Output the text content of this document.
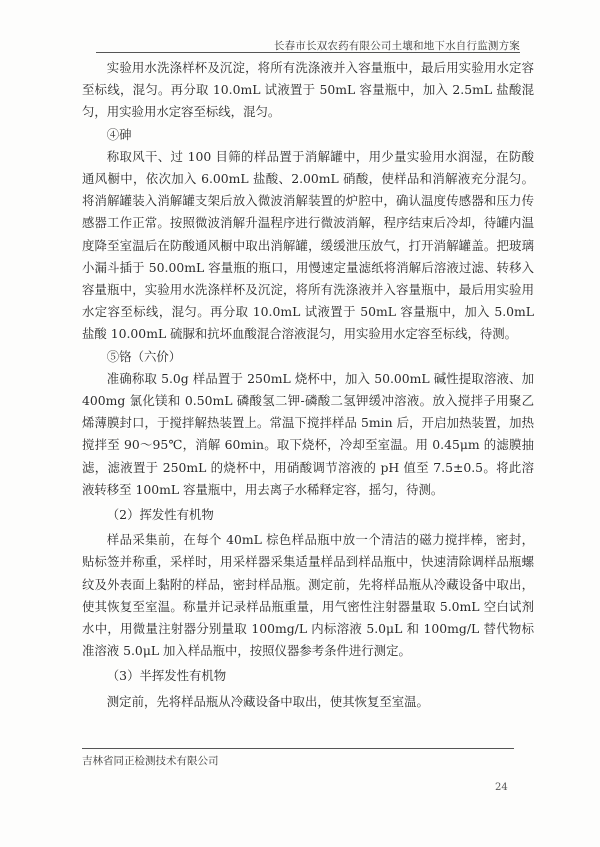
长春市长双农药有限公司土壤和地下水自行监测方案

实验用水洗涤样杯及沉淀，将所有洗涤液并入容量瓶中，最后用实验用水定容至标线，混匀。再分取 10.0mL 试液置于 50mL 容量瓶中，加入 2.5mL 盐酸混匀，用实验用水定容至标线，混匀。

④砷

称取风干、过 100 目筛的样品置于消解罐中，用少量实验用水润湿，在防酸通风橱中，依次加入 6.00mL 盐酸、2.00mL 硝酸，使样品和消解液充分混匀。将消解罐装入消解罐支架后放入微波消解装置的炉腔中，确认温度传感器和压力传感器工作正常。按照微波消解升温程序进行微波消解，程序结束后冷却，待罐内温度降至室温后在防酸通风橱中取出消解罐，缓缓泄压放气，打开消解罐盖。把玻璃小漏斗插于 50.00mL 容量瓶的瓶口，用慢速定量滤纸将消解后溶液过滤、转移入容量瓶中，实验用水洗涤样杯及沉淀，将所有洗涤液并入容量瓶中，最后用实验用水定容至标线，混匀。再分取 10.0mL 试液置于 50mL 容量瓶中，加入 5.0mL 盐酸 10.00mL 硫脲和抗坏血酸混合溶液混匀，用实验用水定容至标线，待测。

⑤铬（六价）

准确称取 5.0g 样品置于 250mL 烧杯中，加入 50.00mL 碱性提取溶液、加 400mg 氯化镁和 0.50mL 磷酸氢二钾-磷酸二氢钾缓冲溶液。放入搅拌子用聚乙烯薄膜封口，于搅拌解热装置上。常温下搅拌样品 5min 后，开启加热装置，加热搅拌至 90～95℃，消解 60min。取下烧杯，冷却至室温。用 0.45μm 的滤膜抽滤，滤液置于 250mL 的烧杯中，用硝酸调节溶液的 pH 值至 7.5±0.5。将此溶液转移至 100mL 容量瓶中，用去离子水稀释定容，摇匀，待测。

（2）挥发性有机物

样品采集前，在每个 40mL 棕色样品瓶中放一个清洁的磁力搅拌棒，密封，贴标签并称重，采样时，用采样器采集适量样品到样品瓶中，快速清除调样品瓶螺纹及外表面上黏附的样品，密封样品瓶。测定前，先将样品瓶从冷藏设备中取出，使其恢复至室温。称量并记录样品瓶重量，用气密性注射器量取 5.0mL 空白试剂水中，用微量注射器分别量取 100mg/L 内标溶液 5.0μL 和 100mg/L 替代物标准溶液 5.0μL 加入样品瓶中，按照仪器参考条件进行测定。

（3）半挥发性有机物

测定前，先将样品瓶从冷藏设备中取出，使其恢复至室温。

吉林省同正检测技术有限公司
24
